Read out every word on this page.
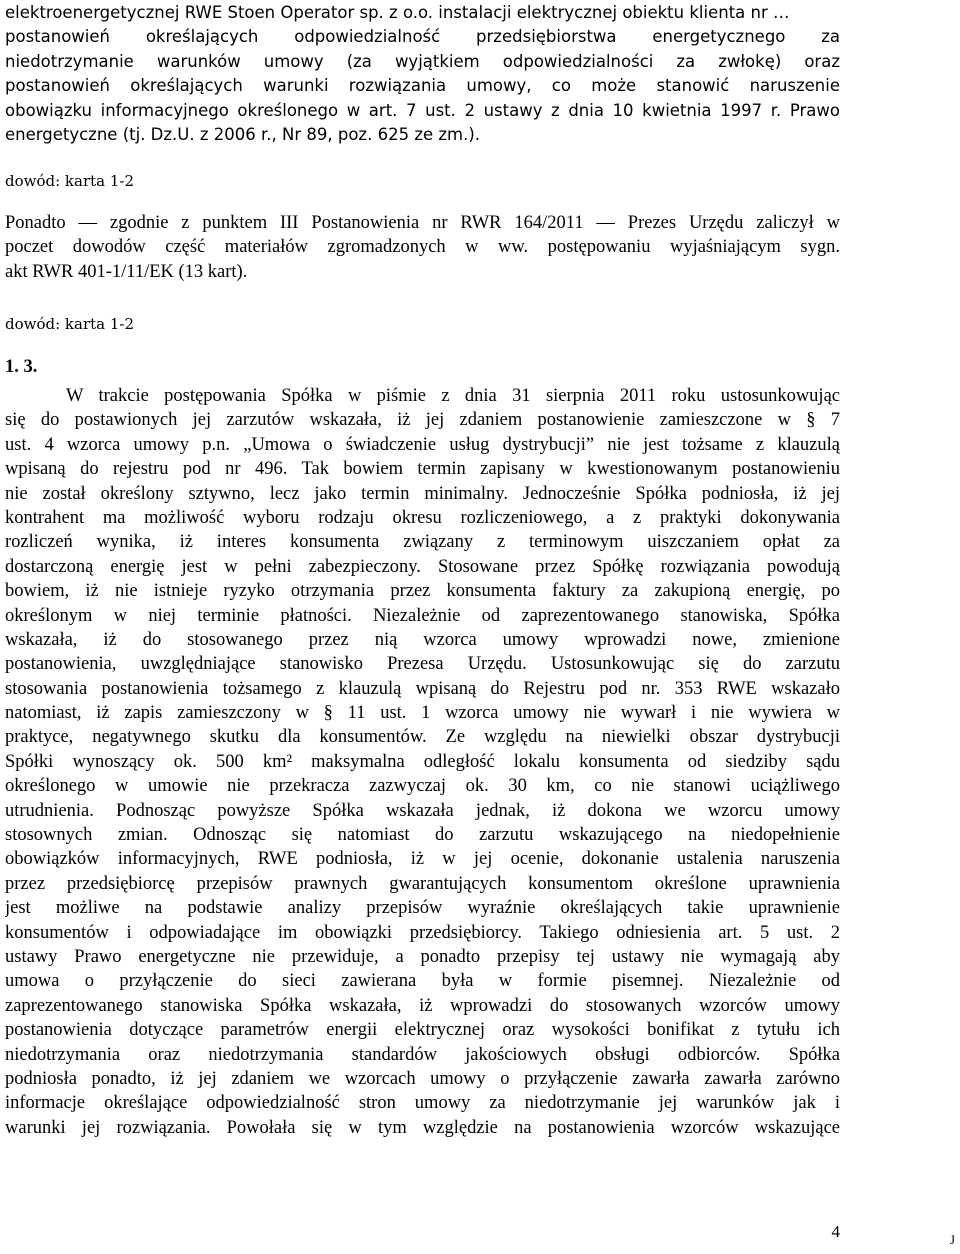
elektroenergetycznej RWE Stoen Operator sp. z o.o. instalacji elektrycznej obiektu klienta nr …
postanowień określających odpowiedzialność przedsiębiorstwa energetycznego za
niedotrzymanie warunków umowy (za wyjątkiem odpowiedzialności za zwłokę) oraz
postanowień określających warunki rozwiązania umowy, co może stanowić naruszenie
obowiązku informacyjnego określonego w art. 7 ust. 2 ustawy z dnia 10 kwietnia 1997 r. Prawo
energetyczne (tj. Dz.U. z 2006 r., Nr 89, poz. 625 ze zm.).

dowód: karta 1-2

Ponadto ― zgodnie z punktem III Postanowienia nr RWR 164/2011 ― Prezes Urzędu zaliczył w
poczet dowodów część materiałów zgromadzonych w ww. postępowaniu wyjaśniającym sygn.
akt RWR 401-1/11/EK (13 kart).

dowód: karta 1-2

1. 3.

W trakcie postępowania Spółka w piśmie z dnia 31 sierpnia 2011 roku ustosunkowując
się do postawionych jej zarzutów wskazała, iż jej zdaniem postanowienie zamieszczone w § 7
ust. 4 wzorca umowy p.n. „Umowa o świadczenie usług dystrybucji” nie jest tożsame z klauzulą
wpisaną do rejestru pod nr 496. Tak bowiem termin zapisany w kwestionowanym postanowieniu
nie został określony sztywno, lecz jako termin minimalny. Jednocześnie Spółka podniosła, iż jej
kontrahent ma możliwość wyboru rodzaju okresu rozliczeniowego, a z praktyki dokonywania
rozliczeń wynika, iż interes konsumenta związany z terminowym uiszczaniem opłat za
dostarczoną energię jest w pełni zabezpieczony. Stosowane przez Spółkę rozwiązania powodują
bowiem, iż nie istnieje ryzyko otrzymania przez konsumenta faktury za zakupioną energię, po
określonym w niej terminie płatności. Niezależnie od zaprezentowanego stanowiska, Spółka
wskazała, iż do stosowanego przez nią wzorca umowy wprowadzi nowe, zmienione
postanowienia, uwzględniające stanowisko Prezesa Urzędu. Ustosunkowując się do zarzutu
stosowania postanowienia tożsamego z klauzulą wpisaną do Rejestru pod nr. 353 RWE wskazało
natomiast, iż zapis zamieszczony w § 11 ust. 1 wzorca umowy nie wywarł i nie wywiera w
praktyce, negatywnego skutku dla konsumentów. Ze względu na niewielki obszar dystrybucji
Spółki wynoszący ok. 500 km² maksymalna odległość lokalu konsumenta od siedziby sądu
określonego w umowie nie przekracza zazwyczaj ok. 30 km, co nie stanowi uciążliwego
utrudnienia. Podnosząc powyższe Spółka wskazała jednak, iż dokona we wzorcu umowy
stosownych zmian. Odnosząc się natomiast do zarzutu wskazującego na niedopełnienie
obowiązków informacyjnych, RWE podniosła, iż w jej ocenie, dokonanie ustalenia naruszenia
przez przedsiębiorcę przepisów prawnych gwarantujących konsumentom określone uprawnienia
jest możliwe na podstawie analizy przepisów wyraźnie określających takie uprawnienie
konsumentów i odpowiadające im obowiązki przedsiębiorcy. Takiego odniesienia art. 5 ust. 2
ustawy Prawo energetyczne nie przewiduje, a ponadto przepisy tej ustawy nie wymagają aby
umowa o przyłączenie do sieci zawierana była w formie pisemnej. Niezależnie od
zaprezentowanego stanowiska Spółka wskazała, iż wprowadzi do stosowanych wzorców umowy
postanowienia dotyczące parametrów energii elektrycznej oraz wysokości bonifikat z tytułu ich
niedotrzymania oraz niedotrzymania standardów jakościowych obsługi odbiorców. Spółka
podniosła ponadto, iż jej zdaniem we wzorcach umowy o przyłączenie zawarła zawarła zarówno
informacje określające odpowiedzialność stron umowy za niedotrzymanie jej warunków jak i
warunki jej rozwiązania. Powołała się w tym względzie na postanowienia wzorców wskazujące

4	J
